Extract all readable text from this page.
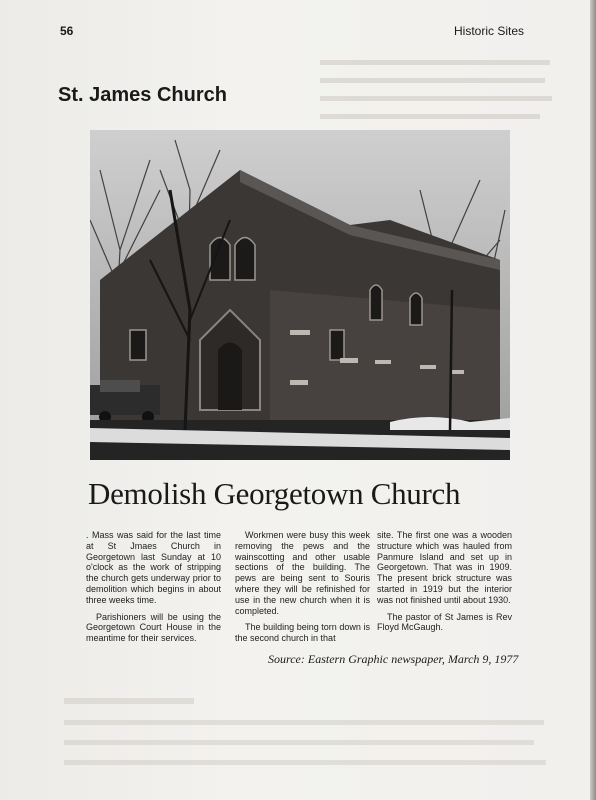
56	Historic Sites
St. James Church
Demolish Georgetown Church

. Mass was said for the last time at St Jmaes Church in Georgetown last Sunday at 10 o'clock as the work of stripping the church gets underway prior to demolition which begins in about three weeks time.

Parishioners will be using the Georgetown Court House in the meantime for their services.

Workmen were busy this week removing the pews and the wainscotting and other usable sections of the building. The pews are being sent to Souris where they will be refinished for use in the new church when it is completed.

The building being torn down is the second church in that

site. The first one was a wooden structure which was hauled from Panmure Island and set up in Georgetown. That was in 1909. The present brick structure was started in 1919 but the interior was not finished until about 1930.

The pastor of St James is Rev Floyd McGaugh.

Source: Eastern Graphic newspaper, March 9, 1977
